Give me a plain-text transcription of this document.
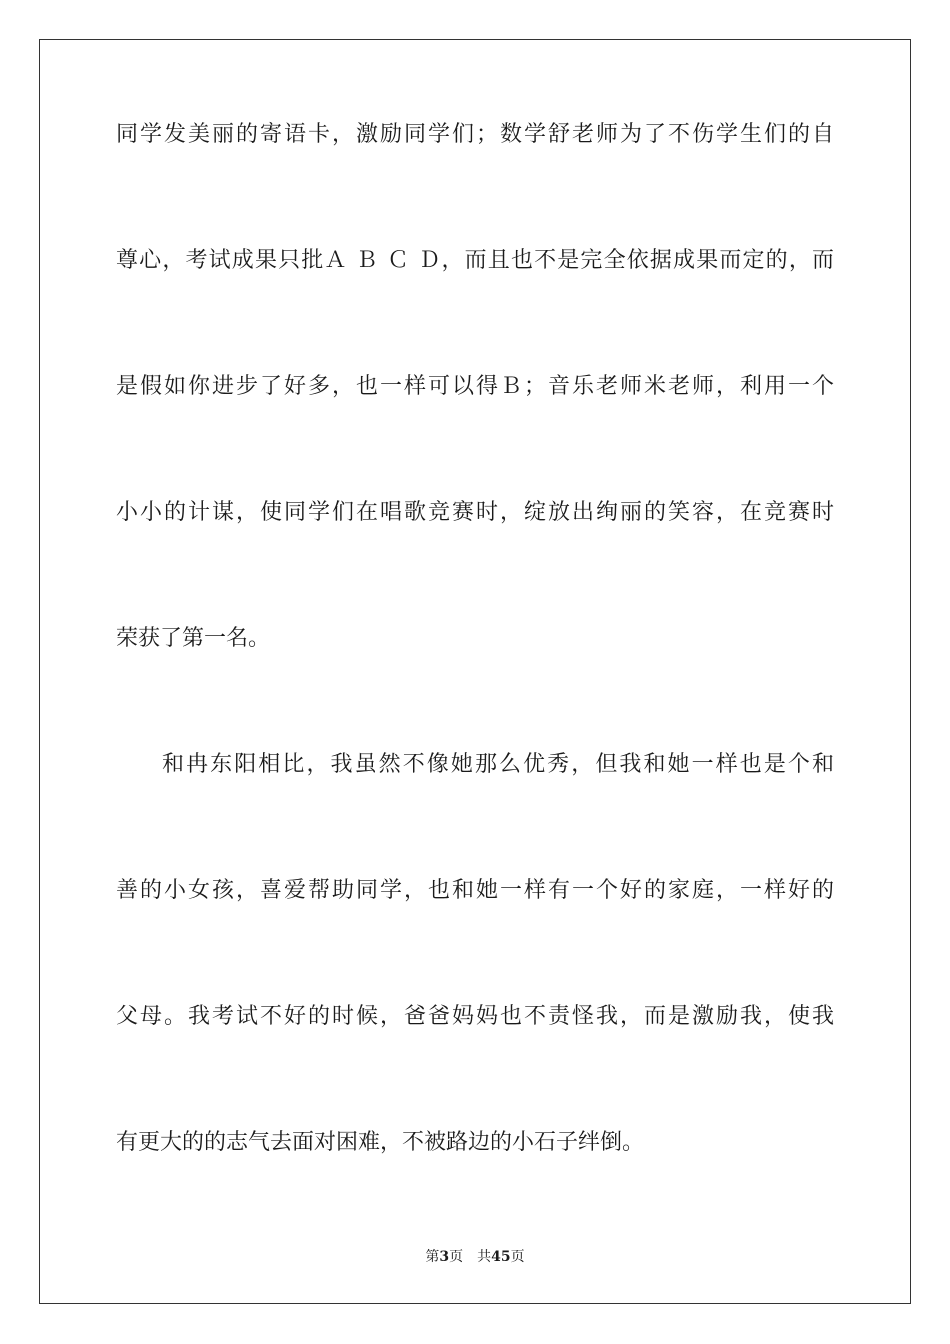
同学发美丽的寄语卡，激励同学们；数学舒老师为了不伤学生们的自
尊心，考试成果只批Ａ Ｂ Ｃ Ｄ，而且也不是完全依据成果而定的，而
是假如你进步了好多，也一样可以得Ｂ；音乐老师米老师，利用一个
小小的计谋，使同学们在唱歌竞赛时，绽放出绚丽的笑容，在竞赛时
荣获了第一名。
和冉东阳相比，我虽然不像她那么优秀，但我和她一样也是个和
善的小女孩，喜爱帮助同学，也和她一样有一个好的家庭，一样好的
父母。我考试不好的时候，爸爸妈妈也不责怪我，而是激励我，使我
有更大的的志气去面对困难，不被路边的小石子绊倒。
第3页 共45页
